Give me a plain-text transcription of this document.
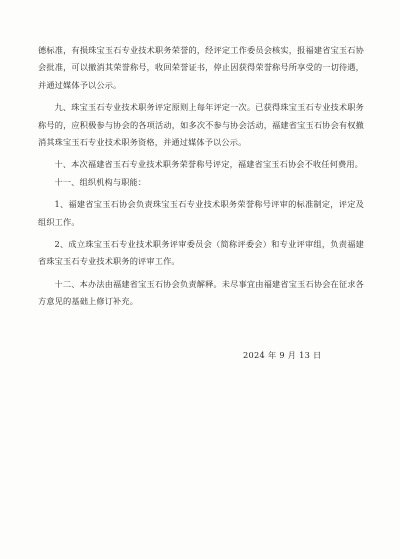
德标准，有损珠宝玉石专业技术职务荣誉的，经评定工作委员会核实，报福建省宝玉石协会批准，可以撤消其荣誉称号，收回荣誉证书，停止因获得荣誉称号所享受的一切待遇，并通过媒体予以公示。

九、珠宝玉石专业技术职务评定原则上每年评定一次。已获得珠宝玉石专业技术职务称号的，应积极参与协会的各项活动，如多次不参与协会活动，福建省宝玉石协会有权撤消其珠宝玉石专业技术职务资格，并通过媒体予以公示。

十、本次福建省玉石专业技术职务荣誉称号评定，福建省宝玉石协会不收任何费用。

十一、组织机构与职能：

1、福建省宝玉石协会负责珠宝玉石专业技术职务荣誉称号评审的标准制定，评定及组织工作。

2、成立珠宝玉石专业技术职务评审委员会（简称评委会）和专业评审组，负责福建省珠宝玉石专业技术职务的评审工作。

十二、本办法由福建省宝玉石协会负责解释。未尽事宜由福建省宝玉石协会在征求各方意见的基础上修订补充。

2024 年 9 月 13 日
